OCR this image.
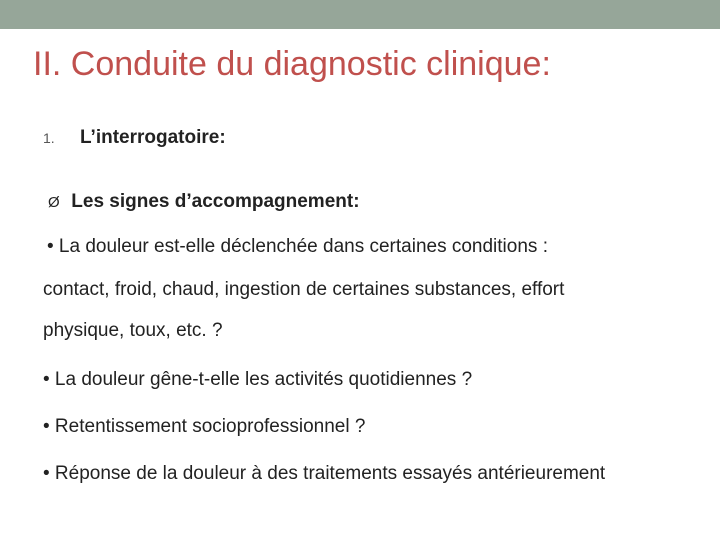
II. Conduite du diagnostic clinique:
1. L’interrogatoire:
Ø Les signes d’accompagnement:
• La douleur est-elle déclenchée dans certaines conditions :
contact, froid, chaud, ingestion de certaines substances, effort
physique, toux, etc. ?
• La douleur gêne-t-elle les activités quotidiennes ?
• Retentissement socioprofessionnel ?
• Réponse de la douleur à des traitements essayés antérieurement
